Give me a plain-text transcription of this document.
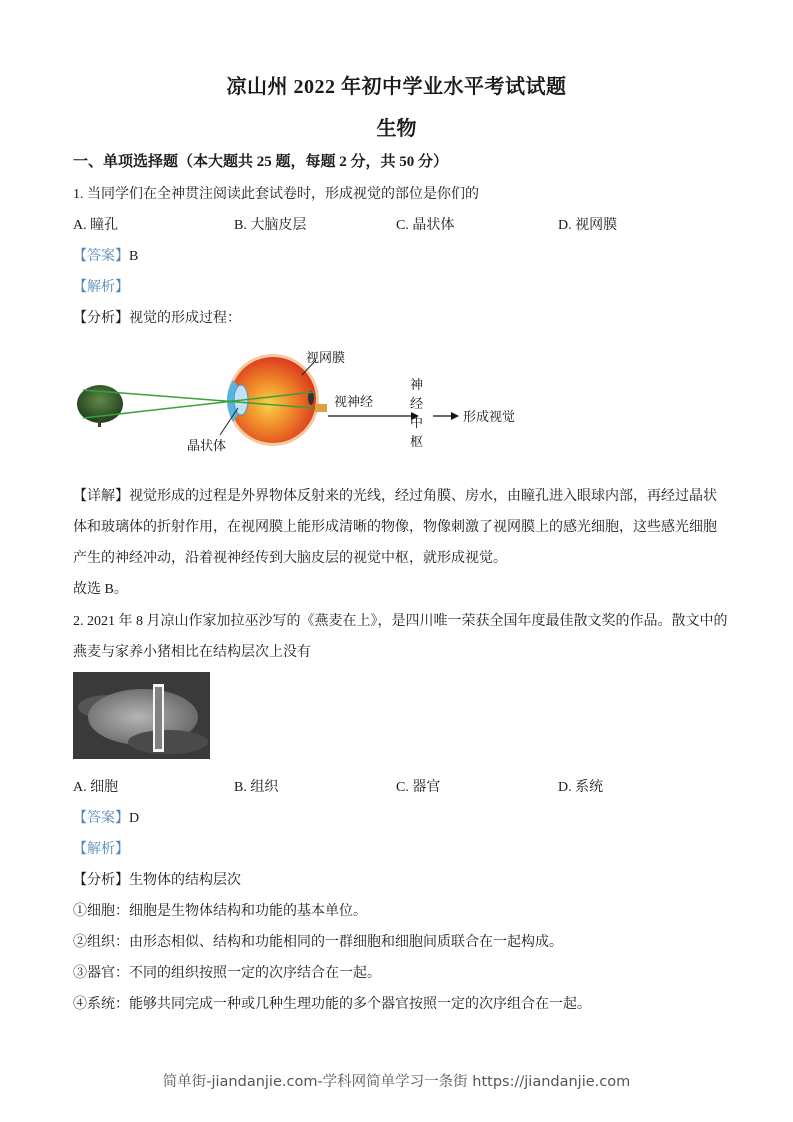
凉山州 2022 年初中学业水平考试试题
生物
一、单项选择题（本大题共 25 题，每题 2 分，共 50 分）
1. 当同学们在全神贯注阅读此套试卷时，形成视觉的部位是你们的
A. 瞳孔	B. 大脑皮层	C. 晶状体	D. 视网膜
【答案】B
【解析】
【分析】视觉的形成过程：
视网膜
晶状体
视神经
神
经
中
枢
形成视觉
【详解】视觉形成的过程是外界物体反射来的光线，经过角膜、房水，由瞳孔进入眼球内部，再经过晶状
体和玻璃体的折射作用，在视网膜上能形成清晰的物像，物像刺激了视网膜上的感光细胞，这些感光细胞
产生的神经冲动，沿着视神经传到大脑皮层的视觉中枢，就形成视觉。
故选 B。
2. 2021 年 8 月凉山作家加拉巫沙写的《燕麦在上》，是四川唯一荣获全国年度最佳散文奖的作品。散文中的
燕麦与家养小猪相比在结构层次上没有
A. 细胞	B. 组织	C. 器官	D. 系统
【答案】D
【解析】
【分析】生物体的结构层次
①细胞：细胞是生物体结构和功能的基本单位。
②组织：由形态相似、结构和功能相同的一群细胞和细胞间质联合在一起构成。
③器官：不同的组织按照一定的次序结合在一起。
④系统：能够共同完成一种或几种生理功能的多个器官按照一定的次序组合在一起。
简单街-jiandanjie.com-学科网简单学习一条街 https://jiandanjie.com
